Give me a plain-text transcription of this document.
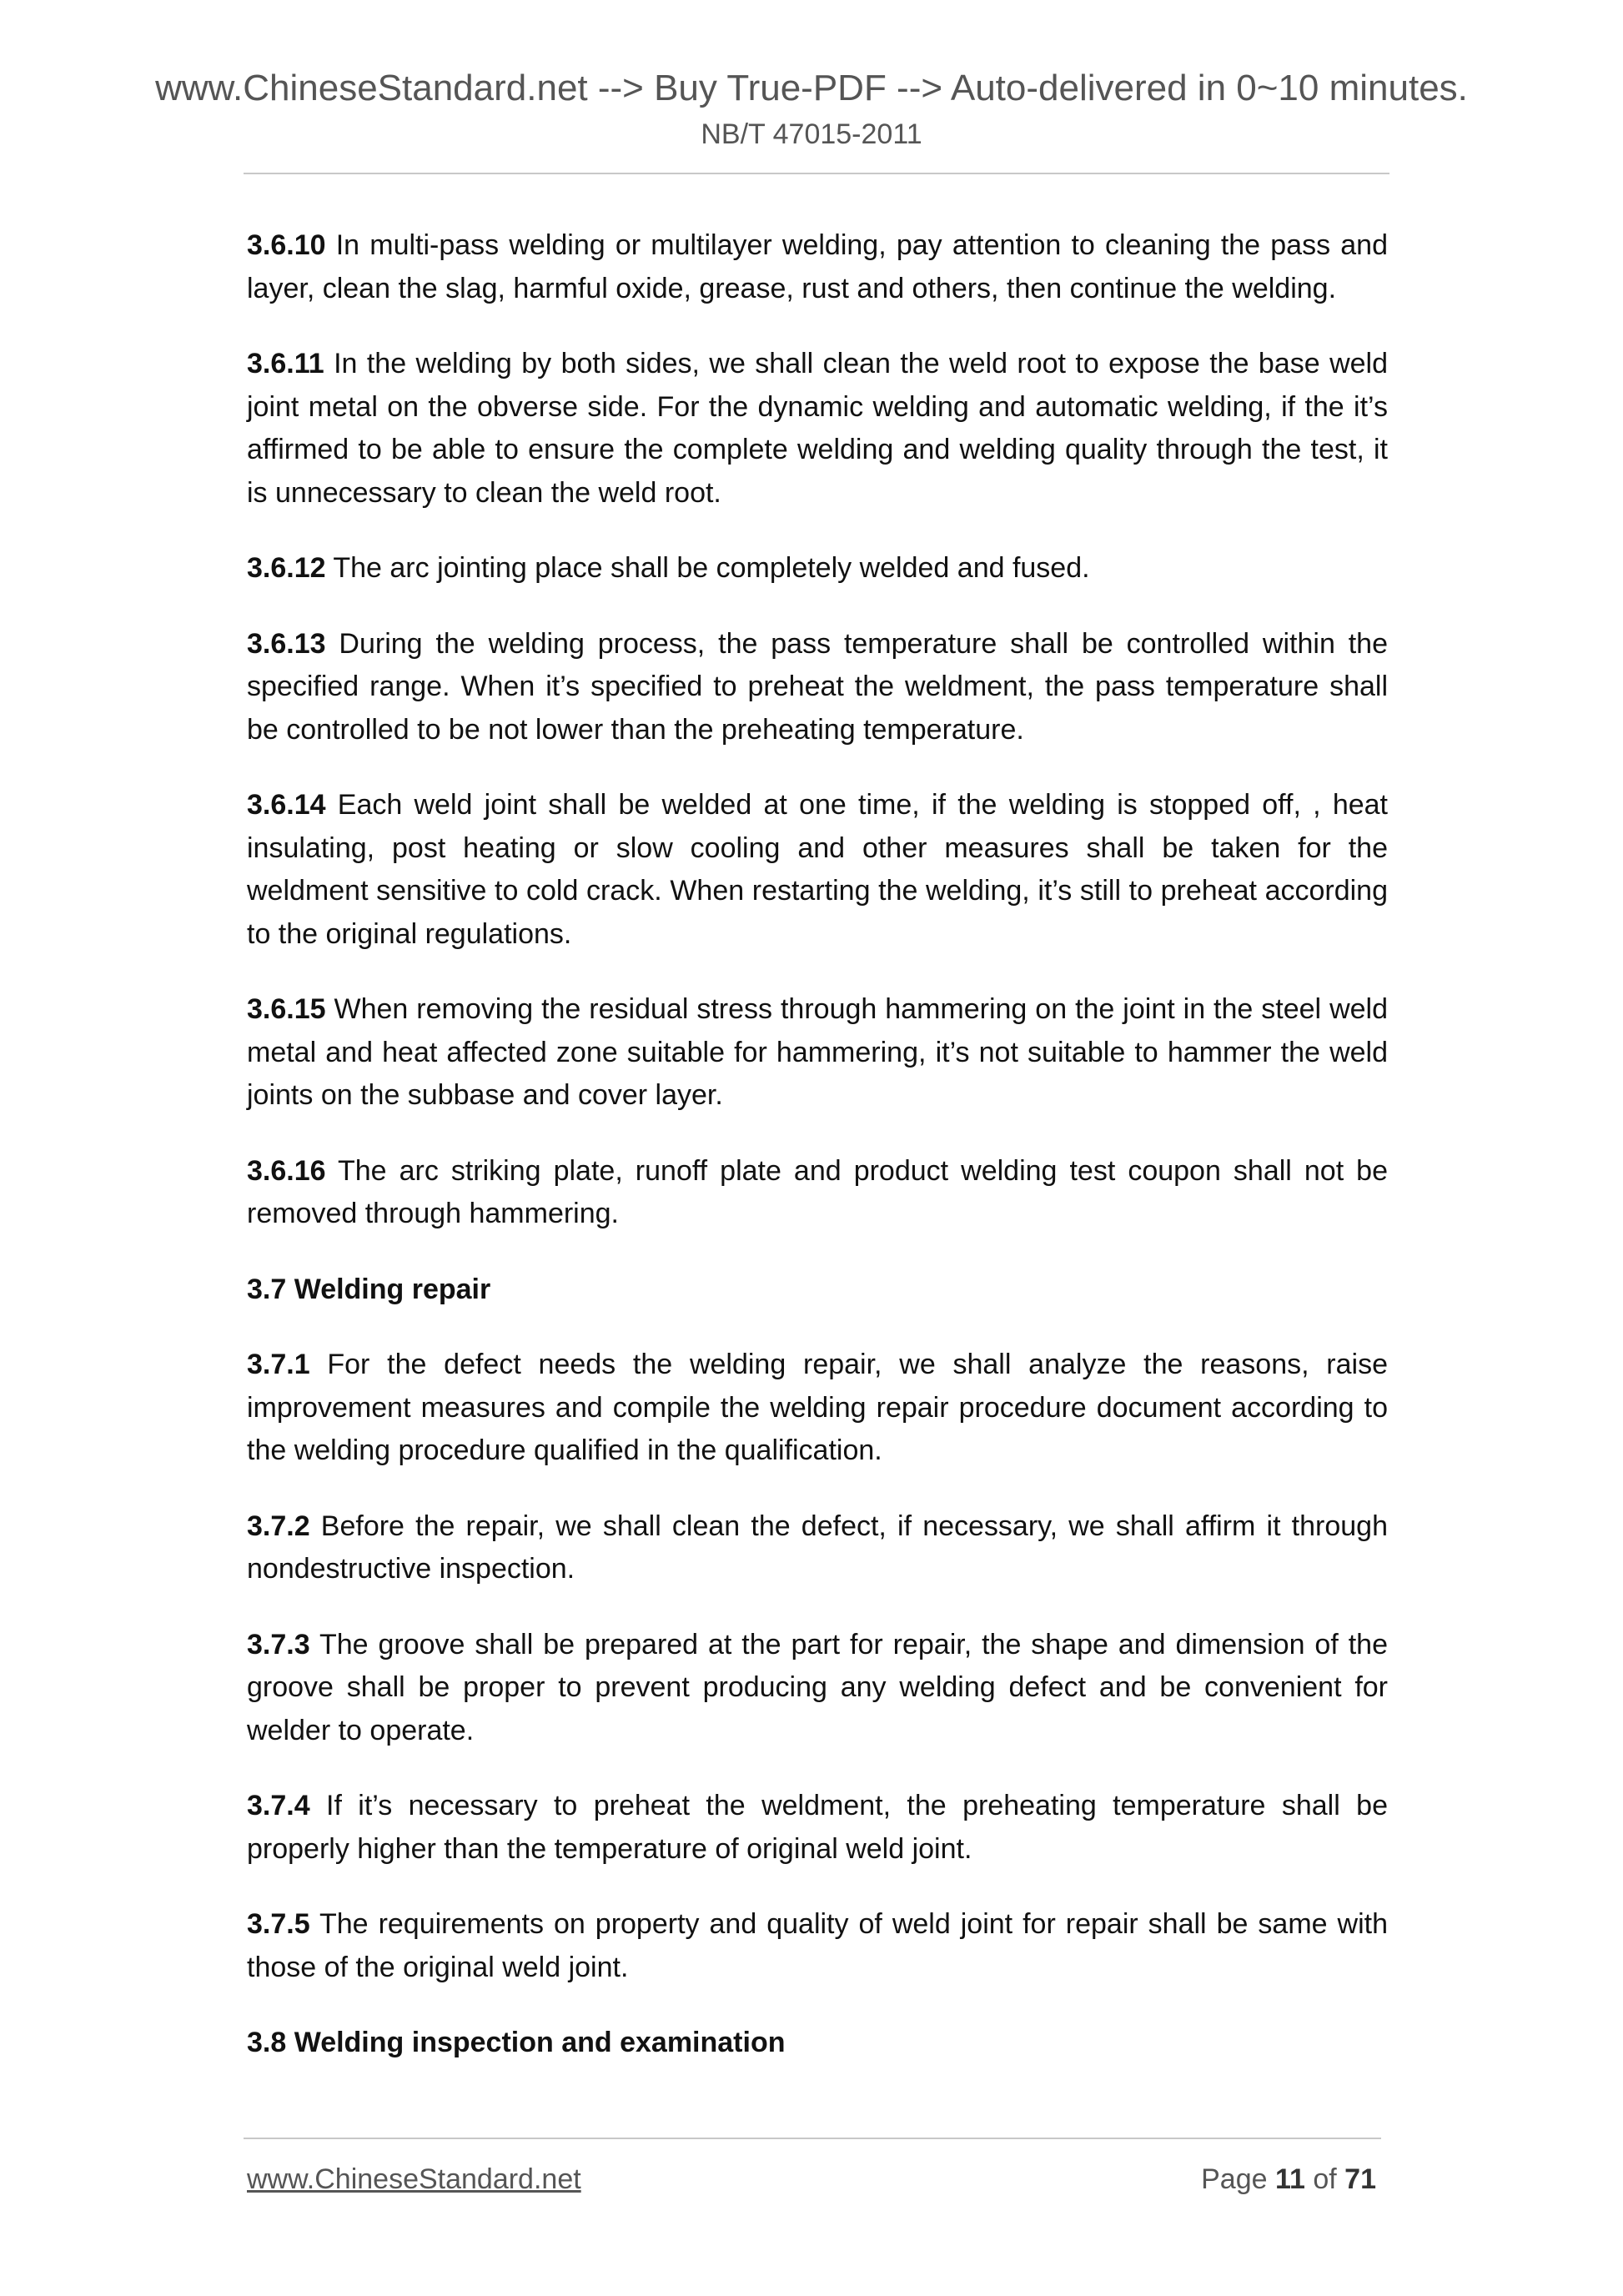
www.ChineseStandard.net --> Buy True-PDF --> Auto-delivered in 0~10 minutes.
NB/T 47015-2011

3.6.10 In multi-pass welding or multilayer welding, pay attention to cleaning the pass and layer, clean the slag, harmful oxide, grease, rust and others, then continue the welding.

3.6.11 In the welding by both sides, we shall clean the weld root to expose the base weld joint metal on the obverse side. For the dynamic welding and automatic welding, if the it’s affirmed to be able to ensure the complete welding and welding quality through the test, it is unnecessary to clean the weld root.

3.6.12 The arc jointing place shall be completely welded and fused.

3.6.13 During the welding process, the pass temperature shall be controlled within the specified range. When it’s specified to preheat the weldment, the pass temperature shall be controlled to be not lower than the preheating temperature.

3.6.14 Each weld joint shall be welded at one time, if the welding is stopped off, , heat insulating, post heating or slow cooling and other measures shall be taken for the weldment sensitive to cold crack. When restarting the welding, it’s still to preheat according to the original regulations.

3.6.15 When removing the residual stress through hammering on the joint in the steel weld metal and heat affected zone suitable for hammering, it’s not suitable to hammer the weld joints on the subbase and cover layer.

3.6.16 The arc striking plate, runoff plate and product welding test coupon shall not be removed through hammering.

3.7 Welding repair

3.7.1 For the defect needs the welding repair, we shall analyze the reasons, raise improvement measures and compile the welding repair procedure document according to the welding procedure qualified in the qualification.

3.7.2 Before the repair, we shall clean the defect, if necessary, we shall affirm it through nondestructive inspection.

3.7.3 The groove shall be prepared at the part for repair, the shape and dimension of the groove shall be proper to prevent producing any welding defect and be convenient for welder to operate.

3.7.4 If it’s necessary to preheat the weldment, the preheating temperature shall be properly higher than the temperature of original weld joint.

3.7.5 The requirements on property and quality of weld joint for repair shall be same with those of the original weld joint.

3.8 Welding inspection and examination

www.ChineseStandard.net	Page 11 of 71
